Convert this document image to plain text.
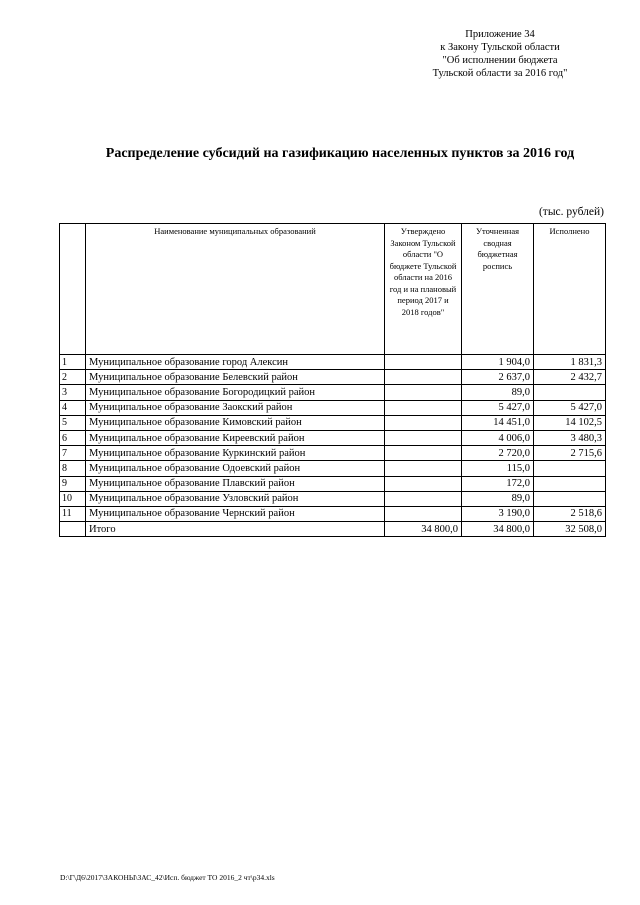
Приложение 34
к Закону Тульской области
"Об исполнении бюджета
Тульской области за 2016 год"
Распределение субсидий на газификацию населенных пунктов за 2016 год
(тыс. рублей)
	Наименование муниципальных образований	Утверждено Законом Тульской области "О бюджете Тульской области на 2016 год и на плановый период 2017 и 2018 годов"	Уточненная сводная бюджетная роспись	Исполнено
1	Муниципальное образование город Алексин		1 904,0	1 831,3
2	Муниципальное образование Белевский район		2 637,0	2 432,7
3	Муниципальное образование Богородицкий район		89,0	
4	Муниципальное образование Заокский район		5 427,0	5 427,0
5	Муниципальное образование Кимовский район		14 451,0	14 102,5
6	Муниципальное образование Киреевский район		4 006,0	3 480,3
7	Муниципальное образование Куркинский район		2 720,0	2 715,6
8	Муниципальное образование Одоевский район		115,0	
9	Муниципальное образование Плавский район		172,0	
10	Муниципальное образование Узловский район		89,0	
11	Муниципальное образование Чернский район		3 190,0	2 518,6
	Итого	34 800,0	34 800,0	32 508,0
D:\Г\Д6\2017\ЗАКОНЫ\ЗАС_42\Исп. бюджет ТО 2016_2 чт\р34.xls
